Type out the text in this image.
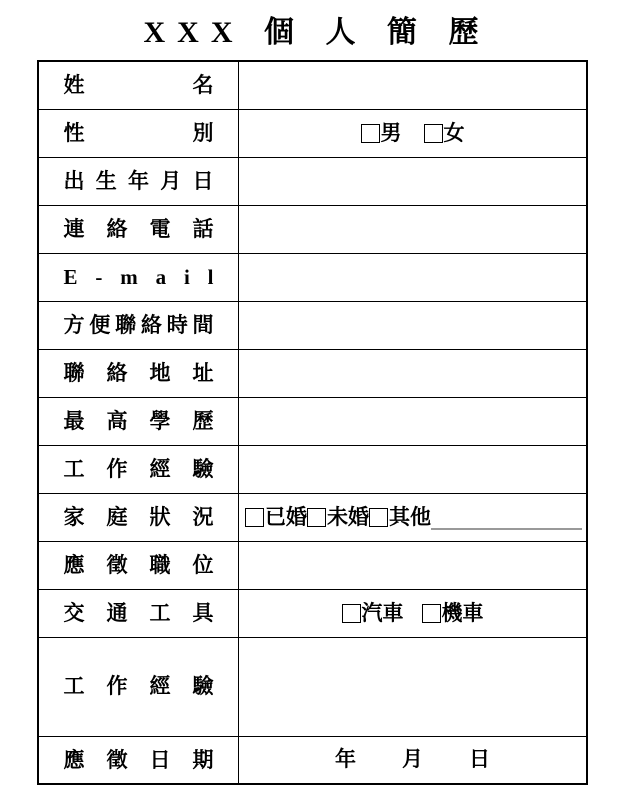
XXX 個 人 簡 歷
姓 名	

性 別	男 女

出 生 年 月 日	

連 絡 電 話	

E - m a i l	

方便聯絡時間	

聯 絡 地 址	

最 高 學 歷	

工 作 經 驗	

家 庭 狀 況	已婚 未婚 其他

應 徵 職 位	

交 通 工 具	汽車 機車

工 作 經 驗	

應 徵 日 期	年 月 日
